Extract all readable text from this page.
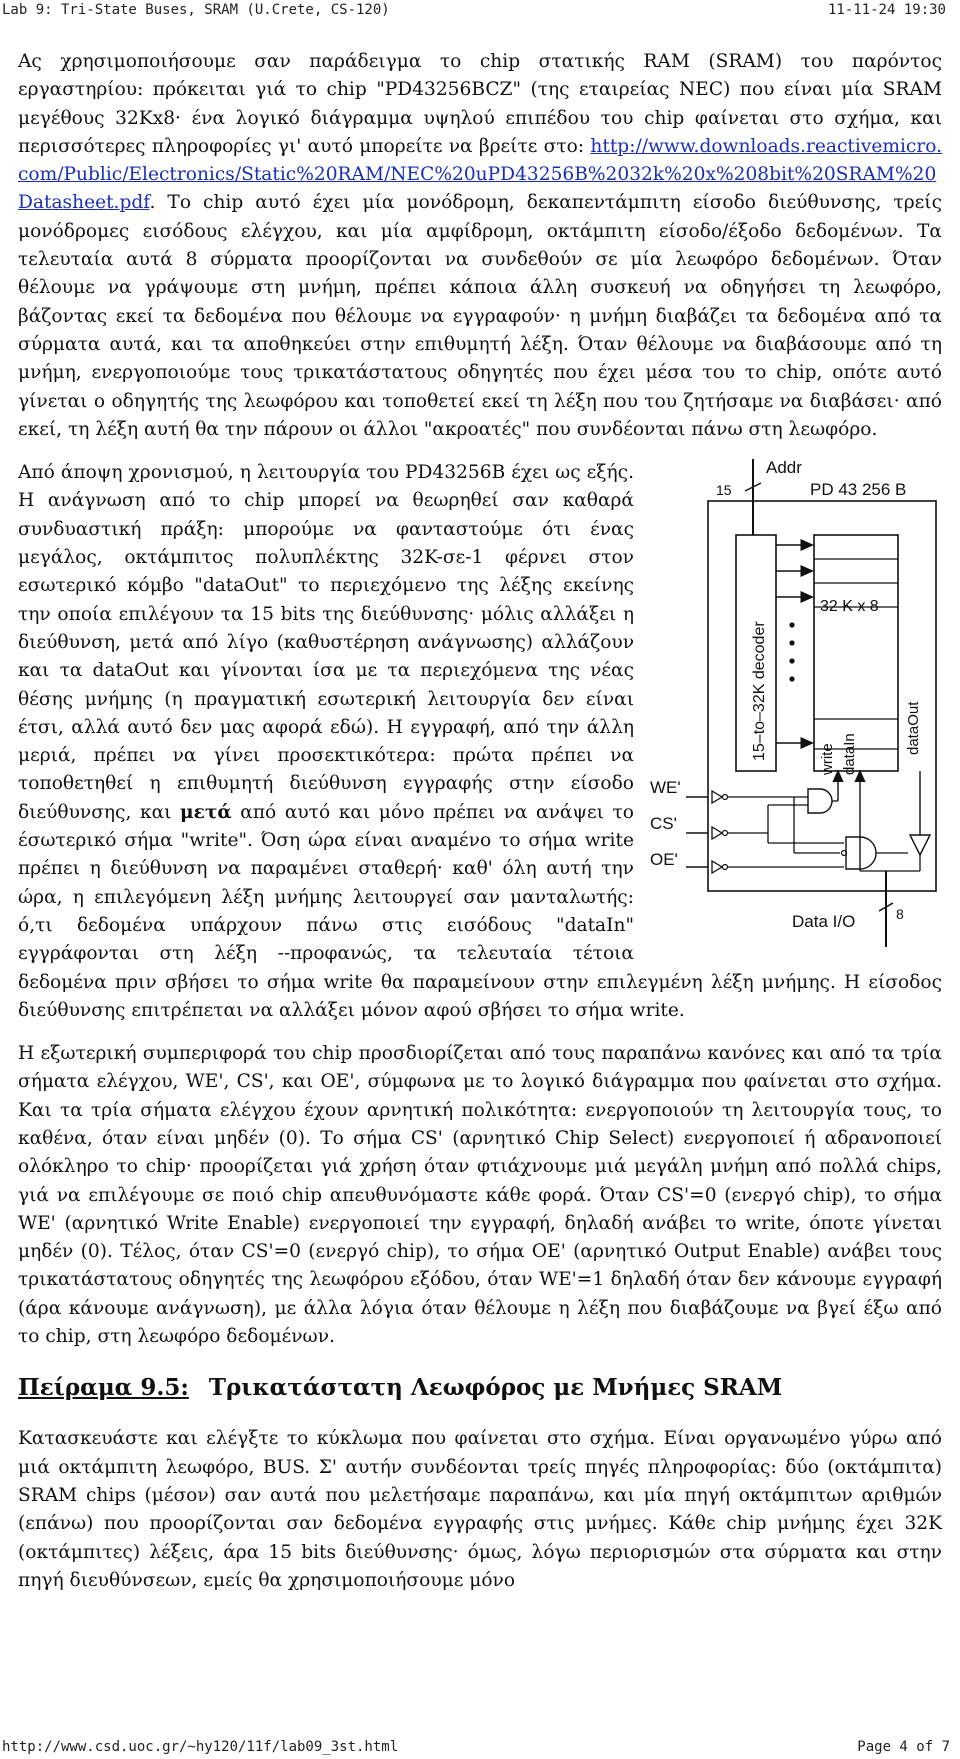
Lab 9: Tri-State Buses, SRAM (U.Crete, CS-120)	11-11-24 19:30

Ας χρησιμοποιήσουμε σαν παράδειγμα το chip στατικής RAM (SRAM) του παρόντος εργαστηρίου: πρόκειται γιά το chip "PD43256BCZ" (της εταιρείας NEC) που είναι μία SRAM μεγέθους 32Kx8· ένα λογικό διάγραμμα υψηλού επιπέδου του chip φαίνεται στο σχήμα, και περισσότερες πληροφορίες γι' αυτό μπορείτε να βρείτε στο: http://www.downloads.reactivemicro.com/Public/Electronics/Static%20RAM/NEC%20uPD43256B%2032k%20x%208bit%20SRAM%20Datasheet.pdf. Το chip αυτό έχει μία μονόδρομη, δεκαπεντάμπιτη είσοδο διεύθυνσης, τρείς μονόδρομες εισόδους ελέγχου, και μία αμφίδρομη, οκτάμπιτη είσοδο/έξοδο δεδομένων. Τα τελευταία αυτά 8 σύρματα προορίζονται να συνδεθούν σε μία λεωφόρο δεδομένων. Όταν θέλουμε να γράψουμε στη μνήμη, πρέπει κάποια άλλη συσκευή να οδηγήσει τη λεωφόρο, βάζοντας εκεί τα δεδομένα που θέλουμε να εγγραφούν· η μνήμη διαβάζει τα δεδομένα από τα σύρματα αυτά, και τα αποθηκεύει στην επιθυμητή λέξη. Όταν θέλουμε να διαβάσουμε από τη μνήμη, ενεργοποιούμε τους τρικατάστατους οδηγητές που έχει μέσα του το chip, οπότε αυτό γίνεται ο οδηγητής της λεωφόρου και τοποθετεί εκεί τη λέξη που του ζητήσαμε να διαβάσει· από εκεί, τη λέξη αυτή θα την πάρουν οι άλλοι "ακροατές" που συνδέονται πάνω στη λεωφόρο.

Addr
15	PD 43 256 B
15–to–32K decoder
32 K x 8
write dataIn	dataOut
WE'
CS'
OE'
Data I/O	8
Από άποψη χρονισμού, η λειτουργία του PD43256B έχει ως εξής. Η ανάγνωση από το chip μπορεί να θεωρηθεί σαν καθαρά συνδυαστική πράξη: μπορούμε να φανταστούμε ότι ένας μεγάλος, οκτάμπιτος πολυπλέκτης 32K-σε-1 φέρνει στον εσωτερικό κόμβο "dataOut" το περιεχόμενο της λέξης εκείνης την οποία επιλέγουν τα 15 bits της διεύθυνσης· μόλις αλλάξει η διεύθυνση, μετά από λίγο (καθυστέρηση ανάγνωσης) αλλάζουν και τα dataOut και γίνονται ίσα με τα περιεχόμενα της νέας θέσης μνήμης (η πραγματική εσωτερική λειτουργία δεν είναι έτσι, αλλά αυτό δεν μας αφορά εδώ). Η εγγραφή, από την άλλη μεριά, πρέπει να γίνει προσεκτικότερα: πρώτα πρέπει να τοποθετηθεί η επιθυμητή διεύθυνση εγγραφής στην είσοδο διεύθυνσης, και μετά από αυτό και μόνο πρέπει να ανάψει το έσωτερικό σήμα "write". Όση ώρα είναι αναμένο το σήμα write πρέπει η διεύθυνση να παραμένει σταθερή· καθ' όλη αυτή την ώρα, η επιλεγόμενη λέξη μνήμης λειτουργεί σαν μανταλωτής: ό,τι δεδομένα υπάρχουν πάνω στις εισόδους "dataIn" εγγράφονται στη λέξη --προφανώς, τα τελευταία τέτοια δεδομένα πριν σβήσει το σήμα write θα παραμείνουν στην επιλεγμένη λέξη μνήμης. Η είσοδος διεύθυνσης επιτρέπεται να αλλάξει μόνον αφού σβήσει το σήμα write.

Η εξωτερική συμπεριφορά του chip προσδιορίζεται από τους παραπάνω κανόνες και από τα τρία σήματα ελέγχου, WE', CS', και OE', σύμφωνα με το λογικό διάγραμμα που φαίνεται στο σχήμα. Και τα τρία σήματα ελέγχου έχουν αρνητική πολικότητα: ενεργοποιούν τη λειτουργία τους, το καθένα, όταν είναι μηδέν (0). Το σήμα CS' (αρνητικό Chip Select) ενεργοποιεί ή αδρανοποιεί ολόκληρο το chip· προορίζεται γιά χρήση όταν φτιάχνουμε μιά μεγάλη μνήμη από πολλά chips, γιά να επιλέγουμε σε ποιό chip απευθυνόμαστε κάθε φορά. Όταν CS'=0 (ενεργό chip), το σήμα WE' (αρνητικό Write Enable) ενεργοποιεί την εγγραφή, δηλαδή ανάβει το write, όποτε γίνεται μηδέν (0). Τέλος, όταν CS'=0 (ενεργό chip), το σήμα OE' (αρνητικό Output Enable) ανάβει τους τρικατάστατους οδηγητές της λεωφόρου εξόδου, όταν WE'=1 δηλαδή όταν δεν κάνουμε εγγραφή (άρα κάνουμε ανάγνωση), με άλλα λόγια όταν θέλουμε η λέξη που διαβάζουμε να βγεί έξω από το chip, στη λεωφόρο δεδομένων.

Πείραμα 9.5: Τρικατάστατη Λεωφόρος με Μνήμες SRAM

Κατασκευάστε και ελέγξτε το κύκλωμα που φαίνεται στο σχήμα. Είναι οργανωμένο γύρω από μιά οκτάμπιτη λεωφόρο, BUS. Σ' αυτήν συνδέονται τρείς πηγές πληροφορίας: δύο (οκτάμπιτα) SRAM chips (μέσον) σαν αυτά που μελετήσαμε παραπάνω, και μία πηγή οκτάμπιτων αριθμών (επάνω) που προορίζονται σαν δεδομένα εγγραφής στις μνήμες. Κάθε chip μνήμης έχει 32K (οκτάμπιτες) λέξεις, άρα 15 bits διεύθυνσης· όμως, λόγω περιορισμών στα σύρματα και στην πηγή διευθύνσεων, εμείς θα χρησιμοποιήσουμε μόνο

http://www.csd.uoc.gr/~hy120/11f/lab09_3st.html	Page 4 of 7
